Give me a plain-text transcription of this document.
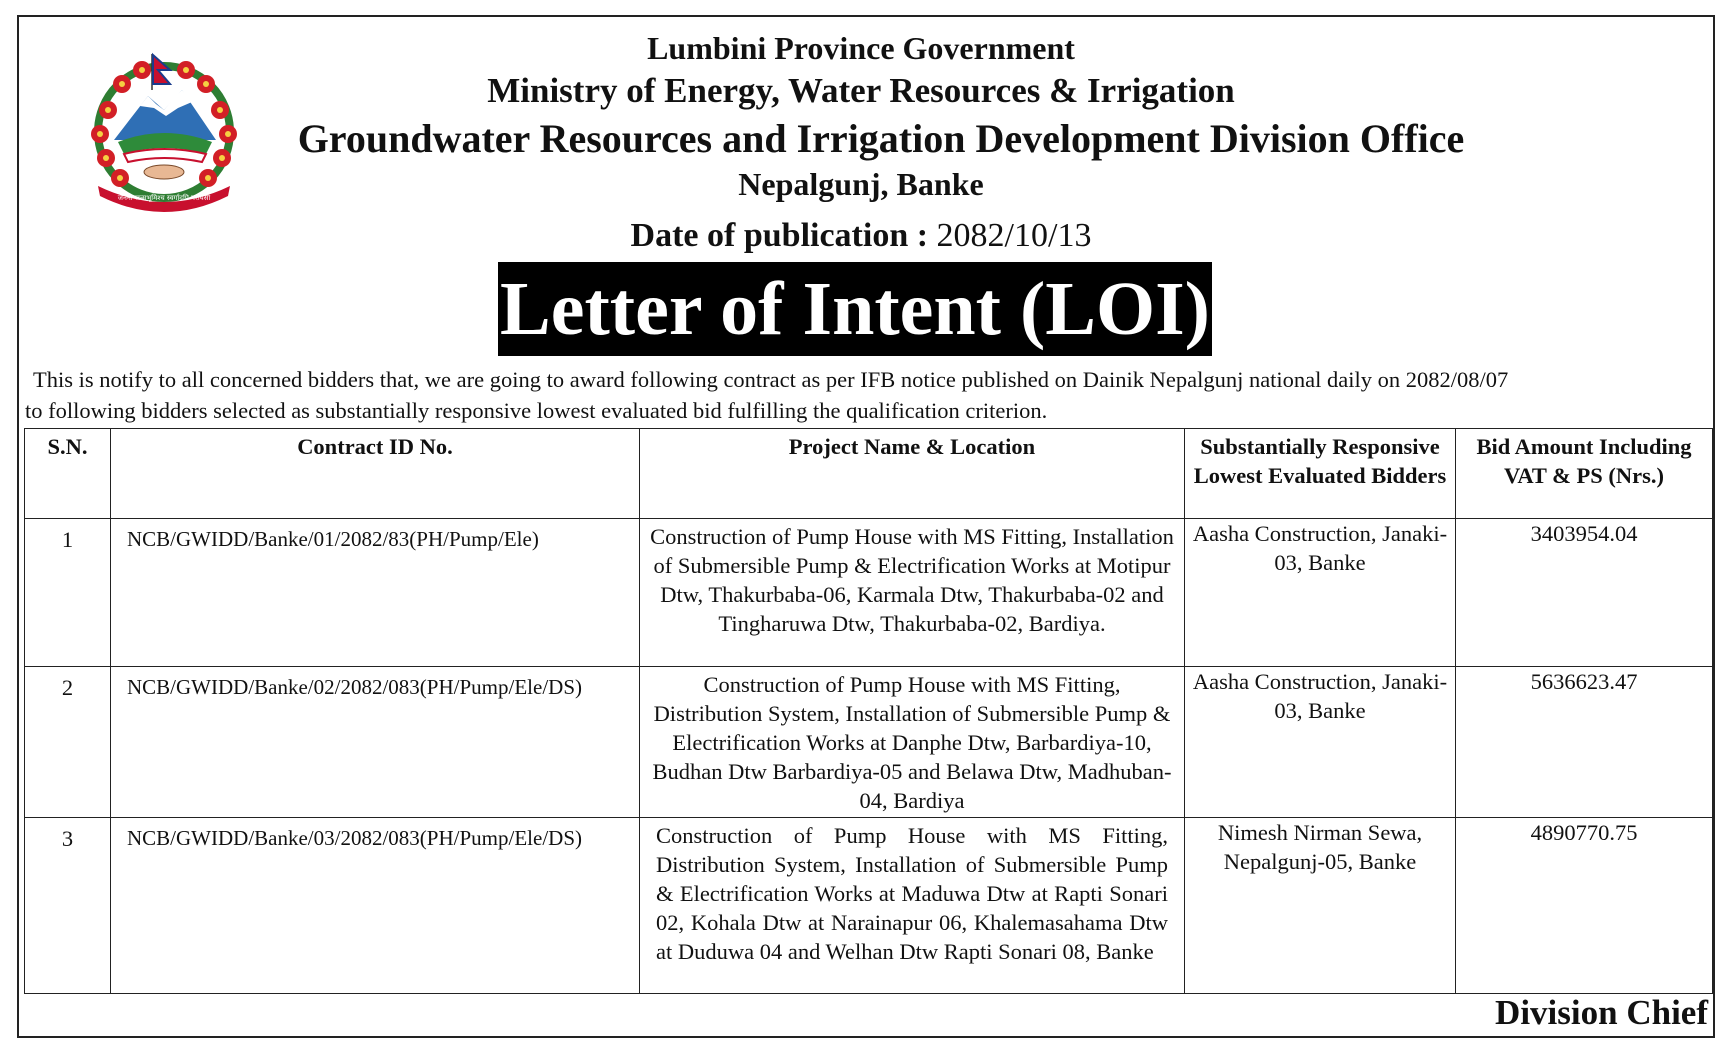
जननी जन्मभूमिश्च स्वर्गादपि गरीयसी
Lumbini Province Government
Ministry of Energy, Water Resources & Irrigation
Groundwater Resources and Irrigation Development Division Office
Nepalgunj, Banke
Date of publication : 2082/10/13
Letter of Intent (LOI)
This is notify to all concerned bidders that, we are going to award following contract as per IFB notice published on Dainik Nepalgunj national daily on 2082/08/07
to following bidders selected as substantially responsive lowest evaluated bid fulfilling the qualification criterion.
S.N.	Contract ID No.	Project Name & Location	Substantially Responsive Lowest Evaluated Bidders	Bid Amount Including VAT & PS (Nrs.)
1	NCB/GWIDD/Banke/01/2082/83(PH/Pump/Ele)	Construction of Pump House with MS Fitting, Installation of Submersible Pump & Electrification Works at Motipur Dtw, Thakurbaba-06, Karmala Dtw, Thakurbaba-02 and Tingharuwa Dtw, Thakurbaba-02, Bardiya.	Aasha Construction, Janaki-03, Banke	3403954.04
2	NCB/GWIDD/Banke/02/2082/083(PH/Pump/Ele/DS)	Construction of Pump House with MS Fitting, Distribution System, Installation of Submersible Pump & Electrification Works at Danphe Dtw, Barbardiya-10, Budhan Dtw Barbardiya-05 and Belawa Dtw, Madhuban-04, Bardiya	Aasha Construction, Janaki-03, Banke	5636623.47
3	NCB/GWIDD/Banke/03/2082/083(PH/Pump/Ele/DS)	Construction of Pump House with MS Fitting, Distribution System, Installation of Submersible Pump & Electrification Works at Maduwa Dtw at Rapti Sonari 02, Kohala Dtw at Narainapur 06, Khalemasahama Dtw at Duduwa 04 and Welhan Dtw Rapti Sonari 08, Banke	Nimesh Nirman Sewa, Nepalgunj-05, Banke	4890770.75
Division Chief
